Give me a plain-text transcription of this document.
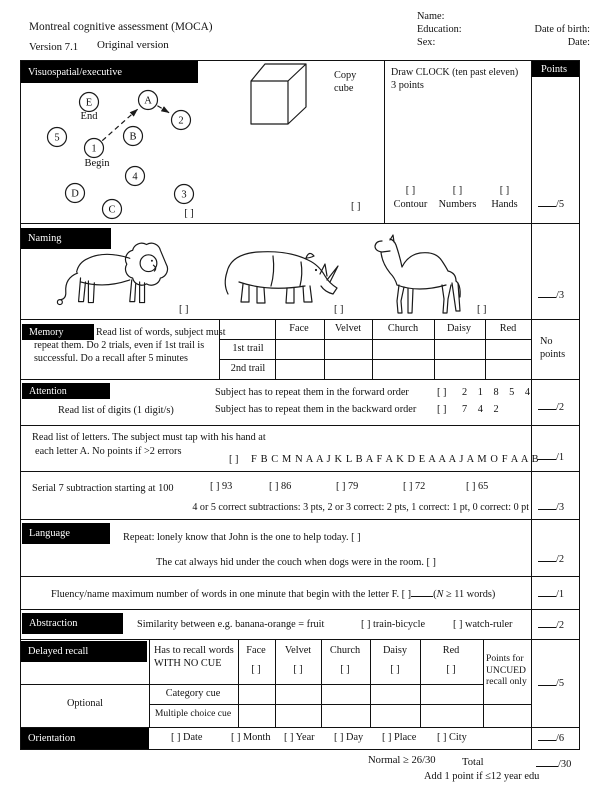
Montreal cognitive assessment (MOCA)
Version 7.1 Original version
Name:
Education:
Sex:
Date of birth:
Date:
Visuospatial/executive
1
2
3
4
5
A
B
C
D
E
Begin
End
[ ]
Copy cube
[ ]
Draw CLOCK (ten past eleven)
3 points
[ ]	[ ]	[ ]
Contour	Numbers	Hands
Points
/5
Naming
[ ]	[ ]	[ ]
/3
Memory	Read list of words, subject must repeat them. Do 2 trials, even if 1st trail is successful. Do a recall after 5 minutes
Face	Velvet	Church	Daisy	Red
1st trail
2nd trail
No points
Attention
Read list of digits (1 digit/s)
Subject has to repeat them in the forward order	[ ] 2 1 8 5 4
Subject has to repeat them in the backward order [ ] 7 4 2	/2
Read list of letters. The subject must tap with his hand at
each letter A. No points if >2 errors
[ ] F B C M N A A J K L B A F A K D E A A A J A M O F A A B	/1
Serial 7 subtraction starting at 100	[ ] 93	[ ] 86	[ ] 79	[ ] 72	[ ] 65
4 or 5 correct subtractions: 3 pts, 2 or 3 correct: 2 pts, 1 correct: 1 pt, 0 correct: 0 pt	/3
Language	Repeat: lonely know that John is the one to help today. [ ]
The cat always hid under the couch when dogs were in the room. [ ]	/2
Fluency/name maximum number of words in one minute that begin with the letter F. [ ] (N ≥ 11 words)	/1
Abstraction	Similarity between e.g. banana-orange = fruit	[ ] train-bicycle	[ ] watch-ruler	/2
Delayed recall	Has to recall words WITH NO CUE
Face Velvet Church Daisy	Red
[ ]	[ ]	[ ]	[ ]	[ ]
Optional
Category cue
Multiple choice cue
Points for UNCUED recall only	/5
Orientation	[ ] Date	[ ] Month [ ] Year [ ] Day [ ] Place [ ] City	/6
Normal ≥ 26/30 Total	/30
Add 1 point if ≤12 year edu
